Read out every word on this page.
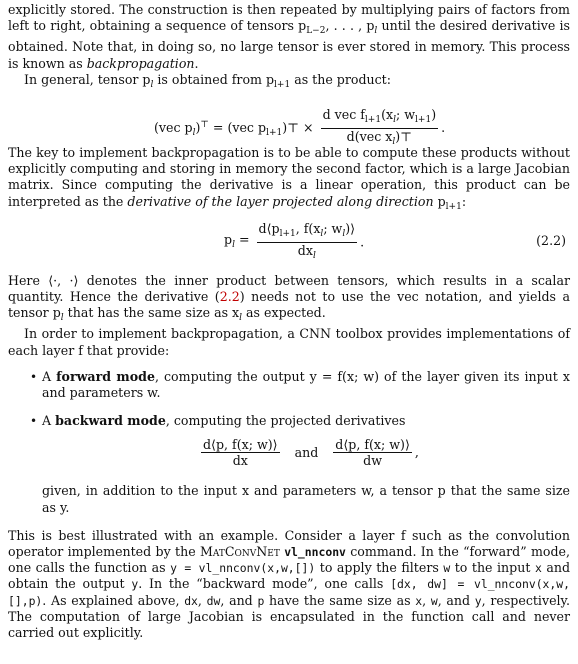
explicitly stored. The construction is then repeated by multiplying pairs of factors from left to right, obtaining a sequence of tensors $p_{L-2}$, . . . , $p_l$ until the desired derivative is obtained. Note that, in doing so, no large tensor is ever stored in memory. This process is known as backpropagation.

In general, tensor $p_l$ is obtained from $p_{l+1}$ as the product:

(vec $p_l)^⊤ = (vec$ $p_{l+1})⊤ \times \frac{d vec f_{l+1}(x_l; w_{l+1})}{d(vec x_l)⊤}$ .

The key to implement backpropagation is to be able to compute these products without explicitly computing and storing in memory the second factor, which is a large Jacobian matrix. Since computing the derivative is a linear operation, this product can be interpreted as the derivative of the layer projected along direction $p_{l+1}$:

$p_l = \frac{d⟨p_{l+1}, f(x_l; w_l)⟩}{dx_l}$ .	(2.2)

Here ⟨·, ·⟩ denotes the inner product between tensors, which results in a scalar quantity. Hence the derivative (2.2) needs not to use the vec notation, and yields a tensor $p_l$ that has the same size as $x_l$ as expected.

In order to implement backpropagation, a CNN toolbox provides implementations of each layer f that provide:

• A forward mode, computing the output y = f(x; w) of the layer given its input x and parameters w.
• A backward mode, computing the projected derivatives
$\frac{d⟨p, f(x; w)⟩}{dx}$ and $\frac{d⟨p, f(x; w)⟩}{dw}$ ,
given, in addition to the input x and parameters w, a tensor p that the same size as y.

This is best illustrated with an example. Consider a layer f such as the convolution operator implemented by the MatConvNet vl_nnconv command. In the “forward” mode, one calls the function as y = vl_nnconv(x,w,[]) to apply the filters w to the input x and obtain the output y. In the “backward mode”, one calls [dx, dw] = vl_nnconv(x,w,[],p). As explained above, dx, dw, and p have the same size as x, w, and y, respectively. The computation of large Jacobian is encapsulated in the function call and never carried out explicitly.
